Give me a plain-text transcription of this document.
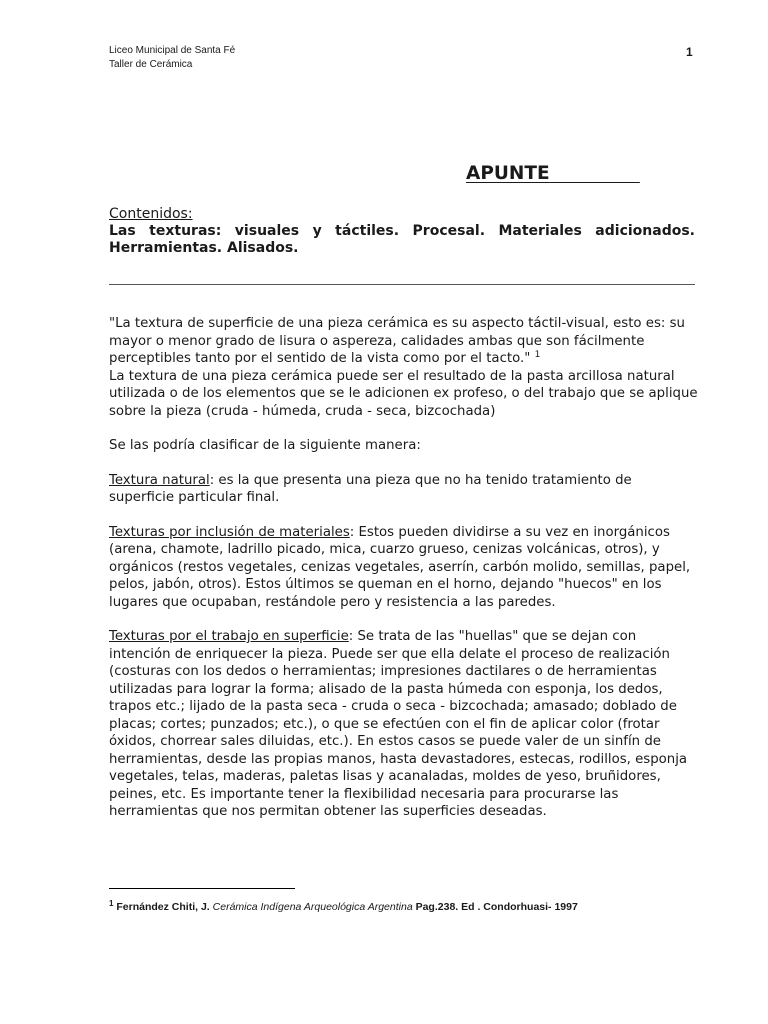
Liceo Municipal de Santa Fé
Taller de Cerámica
1
APUNTE
Contenidos:
Las texturas: visuales y táctiles. Procesal. Materiales adicionados. Herramientas. Alisados.

"La textura de superficie de una pieza cerámica es su aspecto táctil-visual, esto es: su mayor o menor grado de lisura o aspereza, calidades ambas que son fácilmente perceptibles tanto por el sentido de la vista como por el tacto." $^1$

La textura de una pieza cerámica puede ser el resultado de la pasta arcillosa natural utilizada o de los elementos que se le adicionen ex profeso, o del trabajo que se aplique sobre la pieza (cruda - húmeda, cruda - seca, bizcochada)

Se las podría clasificar de la siguiente manera:

Textura natural: es la que presenta una pieza que no ha tenido tratamiento de superficie particular final.

Texturas por inclusión de materiales: Estos pueden dividirse a su vez en inorgánicos (arena, chamote, ladrillo picado, mica, cuarzo grueso, cenizas volcánicas, otros), y orgánicos (restos vegetales, cenizas vegetales, aserrín, carbón molido, semillas, papel, pelos, jabón, otros). Estos últimos se queman en el horno, dejando "huecos" en los lugares que ocupaban, restándole pero y resistencia a las paredes.

Texturas por el trabajo en superficie: Se trata de las "huellas" que se dejan con intención de enriquecer la pieza. Puede ser que ella delate el proceso de realización (costuras con los dedos o herramientas; impresiones dactilares o de herramientas utilizadas para lograr la forma; alisado de la pasta húmeda con esponja, los dedos, trapos etc.; lijado de la pasta seca - cruda o seca - bizcochada; amasado; doblado de placas; cortes; punzados; etc.), o que se efectúen con el fin de aplicar color (frotar óxidos, chorrear sales diluidas, etc.). En estos casos se puede valer de un sinfín de herramientas, desde las propias manos, hasta devastadores, estecas, rodillos, esponja vegetales, telas, maderas, paletas lisas y acanaladas, moldes de yeso, bruñidores, peines, etc. Es importante tener la flexibilidad necesaria para procurarse las herramientas que nos permitan obtener las superficies deseadas.

$^1$ Fernández Chiti, J. Cerámica Indígena Arqueológica Argentina Pag.238. Ed . Condorhuasi- 1997
